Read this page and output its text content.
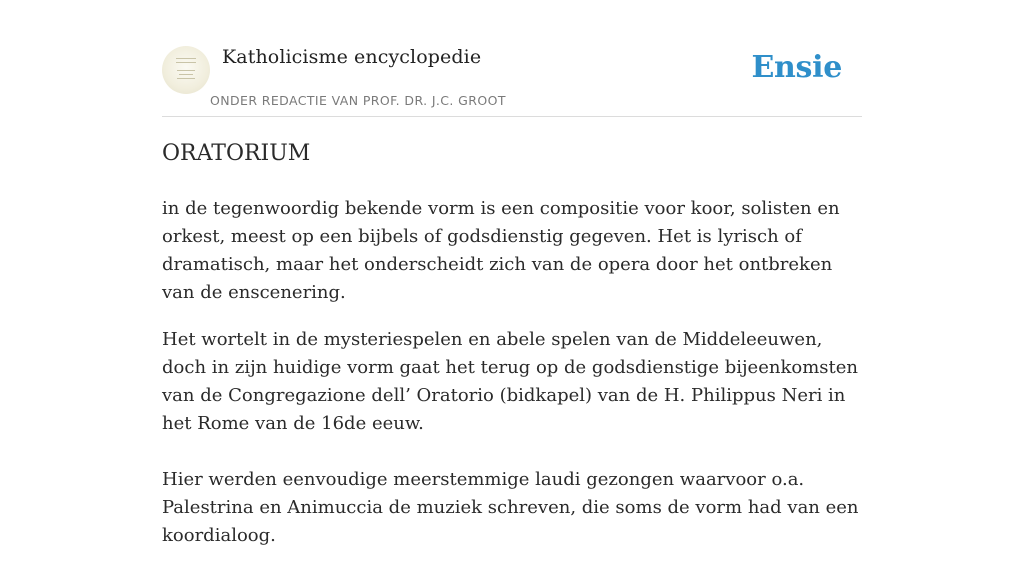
Katholicisme encyclopedie
ONDER REDACTIE VAN PROF. DR. J.C. GROOT
Ensie
ORATORIUM

in de tegenwoordig bekende vorm is een compositie voor koor, solisten en orkest, meest op een bijbels of godsdienstig gegeven. Het is lyrisch of dramatisch, maar het onderscheidt zich van de opera door het ontbreken van de enscenering.

Het wortelt in de mysteriespelen en abele spelen van de Middeleeuwen, doch in zijn huidige vorm gaat het terug op de godsdienstige bijeenkomsten van de Congregazione dell’ Oratorio (bidkapel) van de H. Philippus Neri in het Rome van de 16de eeuw.

Hier werden eenvoudige meerstemmige laudi gezongen waarvoor o.a. Palestrina en Animuccia de muziek schreven, die soms de vorm had van een koordialoog.
